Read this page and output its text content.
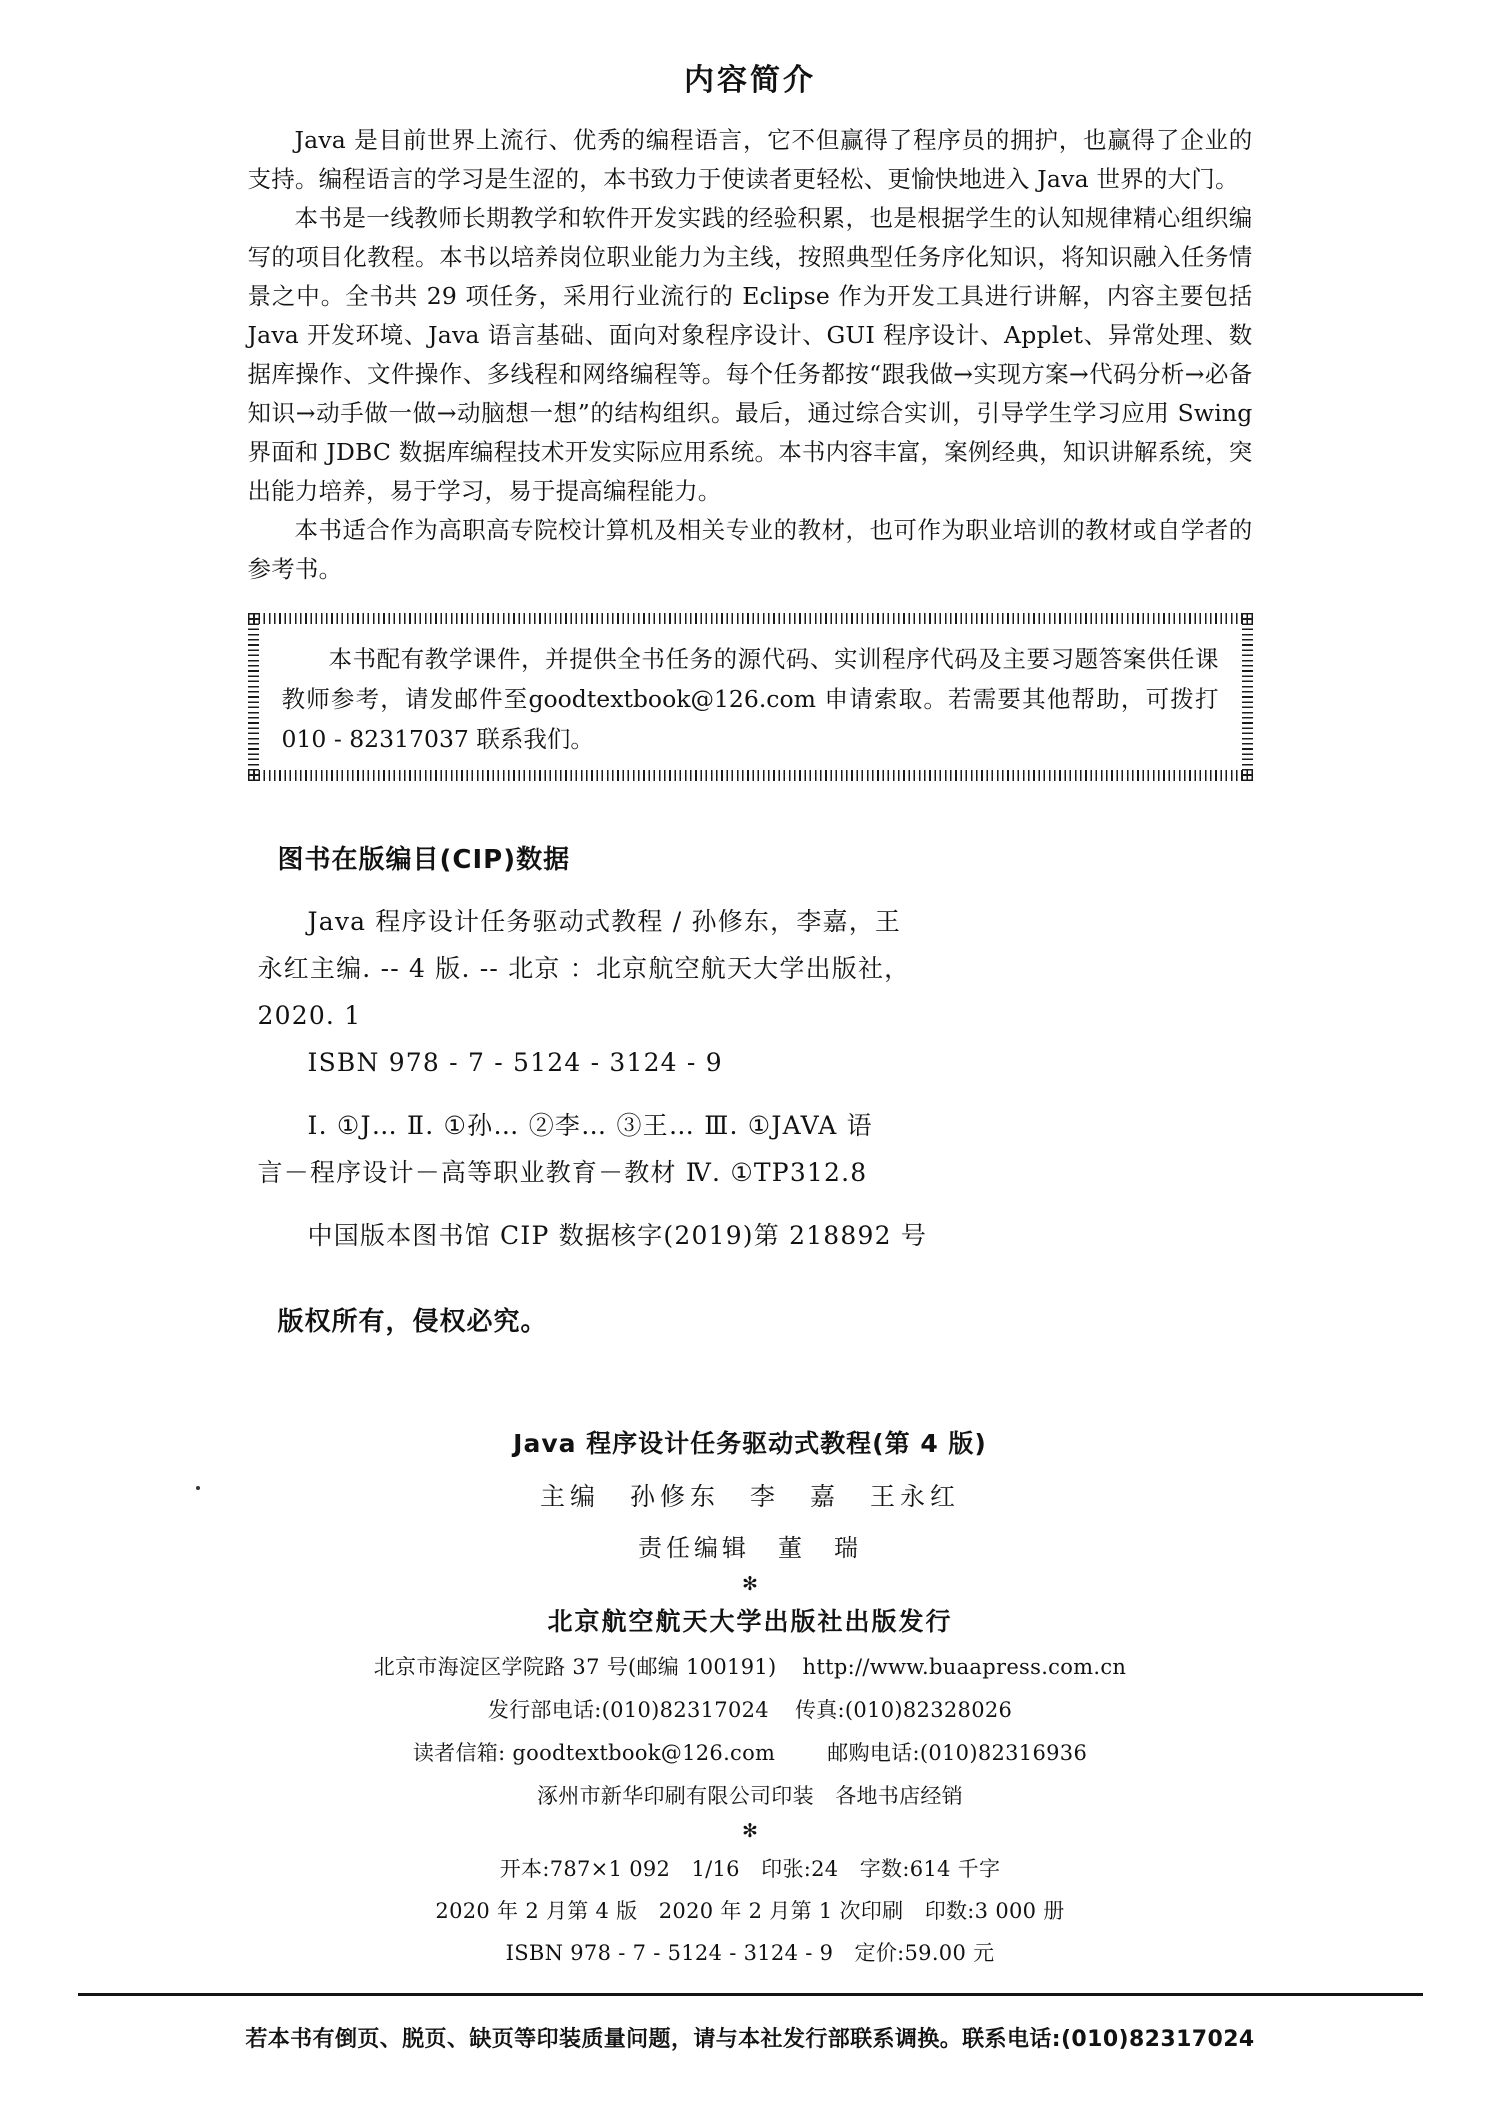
内容简介

Java 是目前世界上流行、优秀的编程语言，它不但赢得了程序员的拥护，也赢得了企业的支持。编程语言的学习是生涩的，本书致力于使读者更轻松、更愉快地进入 Java 世界的大门。

本书是一线教师长期教学和软件开发实践的经验积累，也是根据学生的认知规律精心组织编写的项目化教程。本书以培养岗位职业能力为主线，按照典型任务序化知识，将知识融入任务情景之中。全书共 29 项任务，采用行业流行的 Eclipse 作为开发工具进行讲解，内容主要包括 Java 开发环境、Java 语言基础、面向对象程序设计、GUI 程序设计、Applet、异常处理、数据库操作、文件操作、多线程和网络编程等。每个任务都按“跟我做→实现方案→代码分析→必备知识→动手做一做→动脑想一想”的结构组织。最后，通过综合实训，引导学生学习应用 Swing 界面和 JDBC 数据库编程技术开发实际应用系统。本书内容丰富，案例经典，知识讲解系统，突出能力培养，易于学习，易于提高编程能力。

本书适合作为高职高专院校计算机及相关专业的教材，也可作为职业培训的教材或自学者的参考书。

本书配有教学课件，并提供全书任务的源代码、实训程序代码及主要习题答案供任课教师参考，请发邮件至goodtextbook@126.com 申请索取。若需要其他帮助，可拨打 010 - 82317037 联系我们。

图书在版编目(CIP)数据
Java 程序设计任务驱动式教程 / 孙修东，李嘉，王
永红主编. -- 4 版. -- 北京 ：北京航空航天大学出版社，
2020. 1
ISBN 978 - 7 - 5124 - 3124 - 9
Ⅰ. ①J… Ⅱ. ①孙… ②李… ③王… Ⅲ. ①JAVA 语
言－程序设计－高等职业教育－教材 Ⅳ. ①TP312.8
中国版本图书馆 CIP 数据核字(2019)第 218892 号
版权所有，侵权必究。
Java 程序设计任务驱动式教程(第 4 版)
主编　孙修东　李　嘉　王永红
责任编辑　董　瑞
✻
北京航空航天大学出版社出版发行
北京市海淀区学院路 37 号(邮编 100191) http://www.buaapress.com.cn
发行部电话:(010)82317024 传真:(010)82328026
读者信箱: goodtextbook@126.com 邮购电话:(010)82316936
涿州市新华印刷有限公司印装　各地书店经销
✻
开本:787×1 092　1/16　印张:24　字数:614 千字
2020 年 2 月第 4 版　2020 年 2 月第 1 次印刷　印数:3 000 册
ISBN 978 - 7 - 5124 - 3124 - 9　定价:59.00 元
若本书有倒页、脱页、缺页等印装质量问题，请与本社发行部联系调换。联系电话:(010)82317024
